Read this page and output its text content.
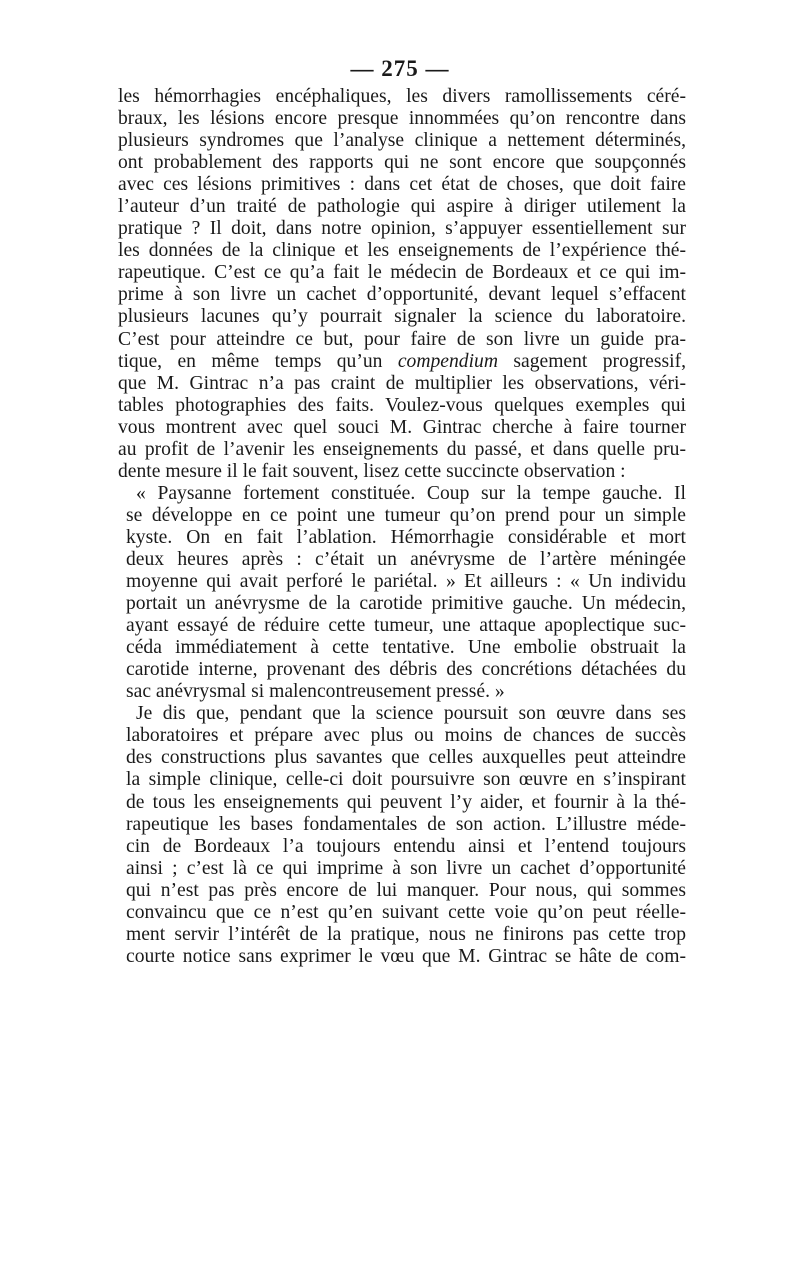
— 275 —
les hémorrhagies encéphaliques, les divers ramollissements céré-
braux, les lésions encore presque innommées qu’on rencontre dans
plusieurs syndromes que l’analyse clinique a nettement déterminés,
ont probablement des rapports qui ne sont encore que soupçonnés
avec ces lésions primitives : dans cet état de choses, que doit faire
l’auteur d’un traité de pathologie qui aspire à diriger utilement la
pratique ? Il doit, dans notre opinion, s’appuyer essentiellement sur
les données de la clinique et les enseignements de l’expérience thé-
rapeutique. C’est ce qu’a fait le médecin de Bordeaux et ce qui im-
prime à son livre un cachet d’opportunité, devant lequel s’effacent
plusieurs lacunes qu’y pourrait signaler la science du laboratoire.
C’est pour atteindre ce but, pour faire de son livre un guide pra-
tique, en même temps qu’un compendium sagement progressif,
que M. Gintrac n’a pas craint de multiplier les observations, véri-
tables photographies des faits. Voulez-vous quelques exemples qui
vous montrent avec quel souci M. Gintrac cherche à faire tourner
au profit de l’avenir les enseignements du passé, et dans quelle pru-
dente mesure il le fait souvent, lisez cette succincte observation :
« Paysanne fortement constituée. Coup sur la tempe gauche. Il
se développe en ce point une tumeur qu’on prend pour un simple
kyste. On en fait l’ablation. Hémorrhagie considérable et mort
deux heures après : c’était un anévrysme de l’artère méningée
moyenne qui avait perforé le pariétal. » Et ailleurs : « Un individu
portait un anévrysme de la carotide primitive gauche. Un médecin,
ayant essayé de réduire cette tumeur, une attaque apoplectique suc-
céda immédiatement à cette tentative. Une embolie obstruait la
carotide interne, provenant des débris des concrétions détachées du
sac anévrysmal si malencontreusement pressé. »
Je dis que, pendant que la science poursuit son œuvre dans ses
laboratoires et prépare avec plus ou moins de chances de succès
des constructions plus savantes que celles auxquelles peut atteindre
la simple clinique, celle-ci doit poursuivre son œuvre en s’inspirant
de tous les enseignements qui peuvent l’y aider, et fournir à la thé-
rapeutique les bases fondamentales de son action. L’illustre méde-
cin de Bordeaux l’a toujours entendu ainsi et l’entend toujours
ainsi ; c’est là ce qui imprime à son livre un cachet d’opportunité
qui n’est pas près encore de lui manquer. Pour nous, qui sommes
convaincu que ce n’est qu’en suivant cette voie qu’on peut réelle-
ment servir l’intérêt de la pratique, nous ne finirons pas cette trop
courte notice sans exprimer le vœu que M. Gintrac se hâte de com-
